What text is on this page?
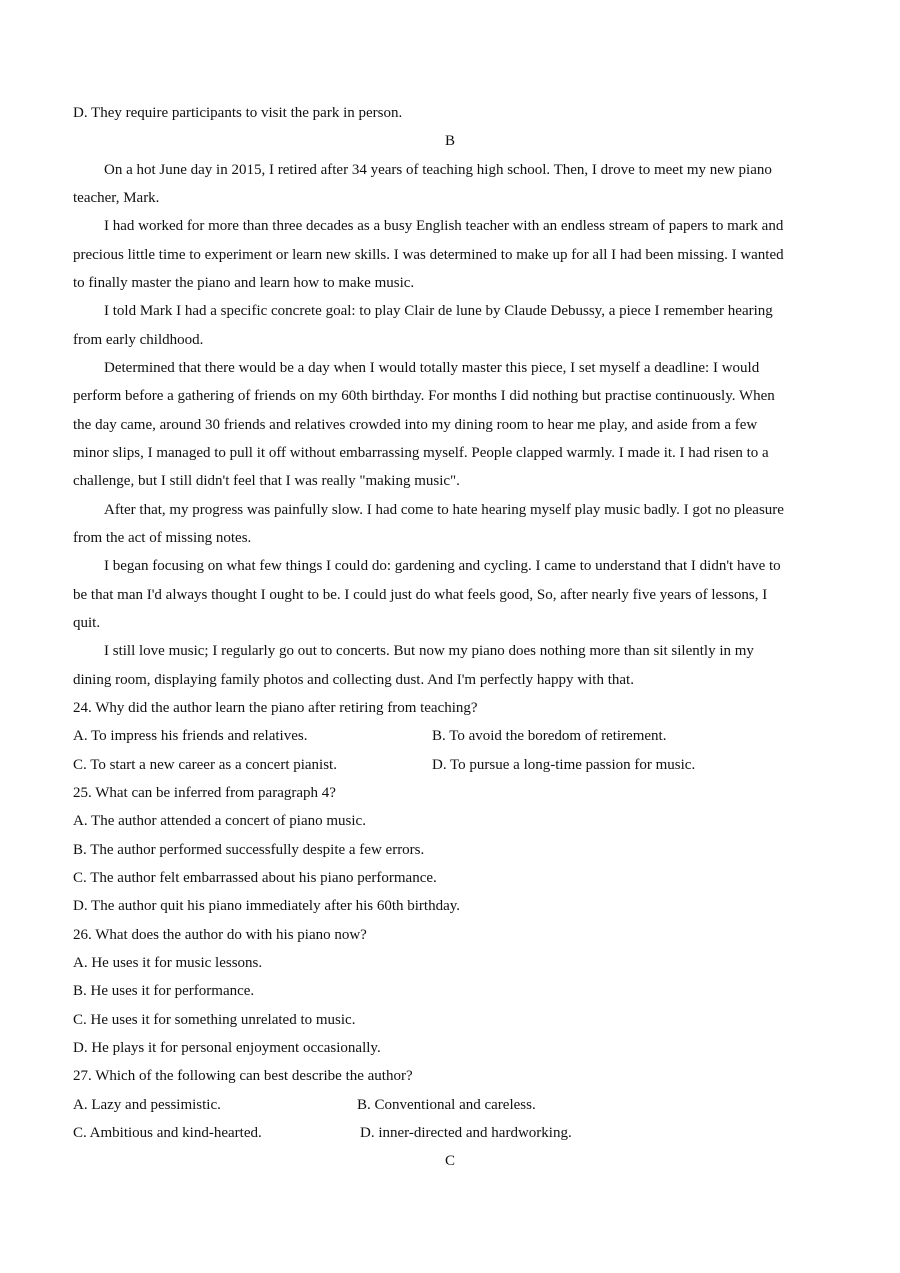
D. They require participants to visit the park in person.
B
On a hot June day in 2015, I retired after 34 years of teaching high school. Then, I drove to meet my new piano
teacher, Mark.
I had worked for more than three decades as a busy English teacher with an endless stream of papers to mark and
precious little time to experiment or learn new skills. I was determined to make up for all I had been missing. I wanted
to finally master the piano and learn how to make music.
I told Mark I had a specific concrete goal: to play Clair de lune by Claude Debussy, a piece I remember hearing
from early childhood.
Determined that there would be a day when I would totally master this piece, I set myself a deadline: I would
perform before a gathering of friends on my 60th birthday. For months I did nothing but practise continuously. When
the day came, around 30 friends and relatives crowded into my dining room to hear me play, and aside from a few
minor slips, I managed to pull it off without embarrassing myself. People clapped warmly. I made it. I had risen to a
challenge, but I still didn't feel that I was really "making music".
After that, my progress was painfully slow. I had come to hate hearing myself play music badly. I got no pleasure
from the act of missing notes.
I began focusing on what few things I could do: gardening and cycling. I came to understand that I didn't have to
be that man I'd always thought I ought to be. I could just do what feels good, So, after nearly five years of lessons, I
quit.
I still love music; I regularly go out to concerts. But now my piano does nothing more than sit silently in my
dining room, displaying family photos and collecting dust. And I'm perfectly happy with that.
24. Why did the author learn the piano after retiring from teaching?
A. To impress his friends and relatives.	B. To avoid the boredom of retirement.
C. To start a new career as a concert pianist.	D. To pursue a long-time passion for music.
25. What can be inferred from paragraph 4?
A. The author attended a concert of piano music.
B. The author performed successfully despite a few errors.
C. The author felt embarrassed about his piano performance.
D. The author quit his piano immediately after his 60th birthday.
26. What does the author do with his piano now?
A. He uses it for music lessons.
B. He uses it for performance.
C. He uses it for something unrelated to music.
D. He plays it for personal enjoyment occasionally.
27. Which of the following can best describe the author?
A. Lazy and pessimistic.	B. Conventional and careless.
C. Ambitious and kind-hearted.	D. inner-directed and hardworking.
C
